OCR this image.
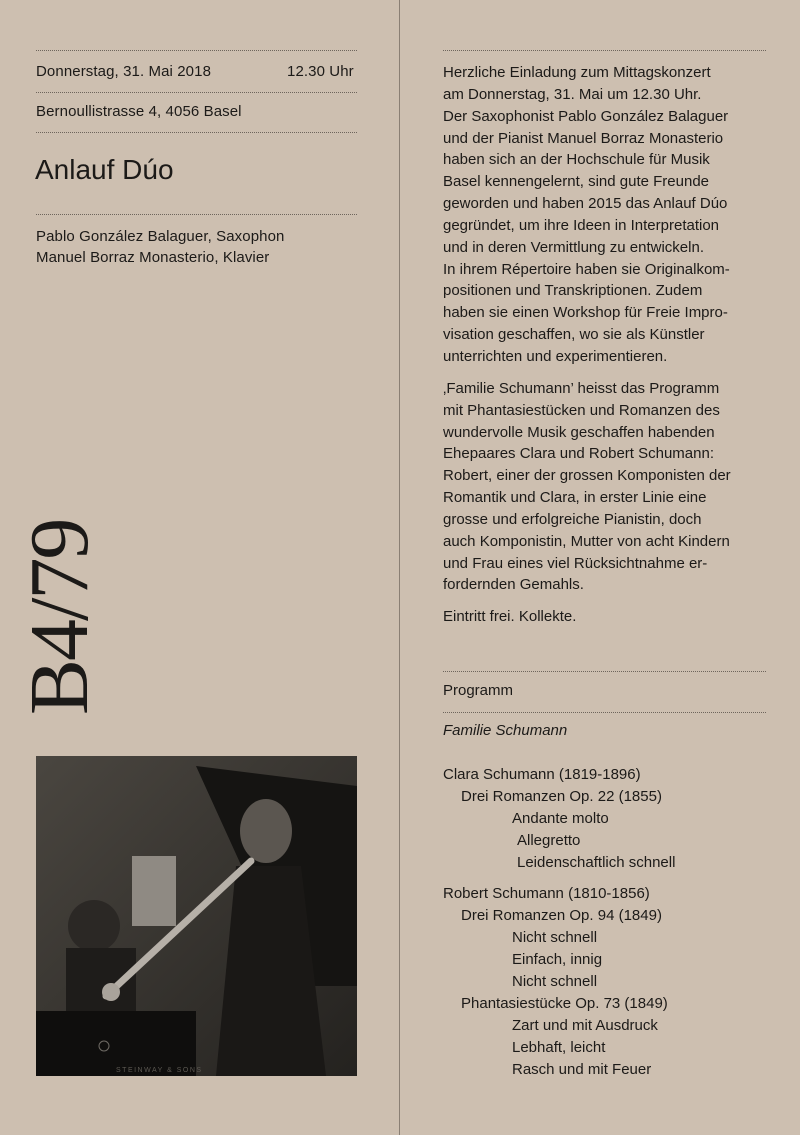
Donnerstag, 31. Mai 2018	12.30 Uhr
Bernoullistrasse 4, 4056 Basel
Anlauf Dúo
Pablo González Balaguer, Saxophon
Manuel Borraz Monasterio, Klavier
B4/79
STEINWAY & SONS

Herzliche Einladung zum Mittagskonzert
am Donnerstag, 31. Mai um 12.30 Uhr.
Der Saxophonist Pablo González Balaguer
und der Pianist Manuel Borraz Monasterio
haben sich an der Hochschule für Musik
Basel kennengelernt, sind gute Freunde
geworden und haben 2015 das Anlauf Dúo
gegründet, um ihre Ideen in Interpretation
und in deren Vermittlung zu entwickeln.
In ihrem Répertoire haben sie Originalkom-
positionen und Transkriptionen. Zudem
haben sie einen Workshop für Freie Impro-
visation geschaffen, wo sie als Künstler
unterrichten und experimentieren.

‚Familie Schumann’ heisst das Programm
mit Phantasiestücken und Romanzen des
wundervolle Musik geschaffen habenden
Ehepaares Clara und Robert Schumann:
Robert, einer der grossen Komponisten der
Romantik und Clara, in erster Linie eine
grosse und erfolgreiche Pianistin, doch
auch Komponistin, Mutter von acht Kindern
und Frau eines viel Rücksichtnahme er-
fordernden Gemahls.

Eintritt frei. Kollekte.

Programm
Familie Schumann
Clara Schumann (1819-1896)
Drei Romanzen Op. 22 (1855)
Andante molto
Allegretto
Leidenschaftlich schnell
Robert Schumann (1810-1856)
Drei Romanzen Op. 94 (1849)
Nicht schnell
Einfach, innig
Nicht schnell
Phantasiestücke Op. 73 (1849)
Zart und mit Ausdruck
Lebhaft, leicht
Rasch und mit Feuer
